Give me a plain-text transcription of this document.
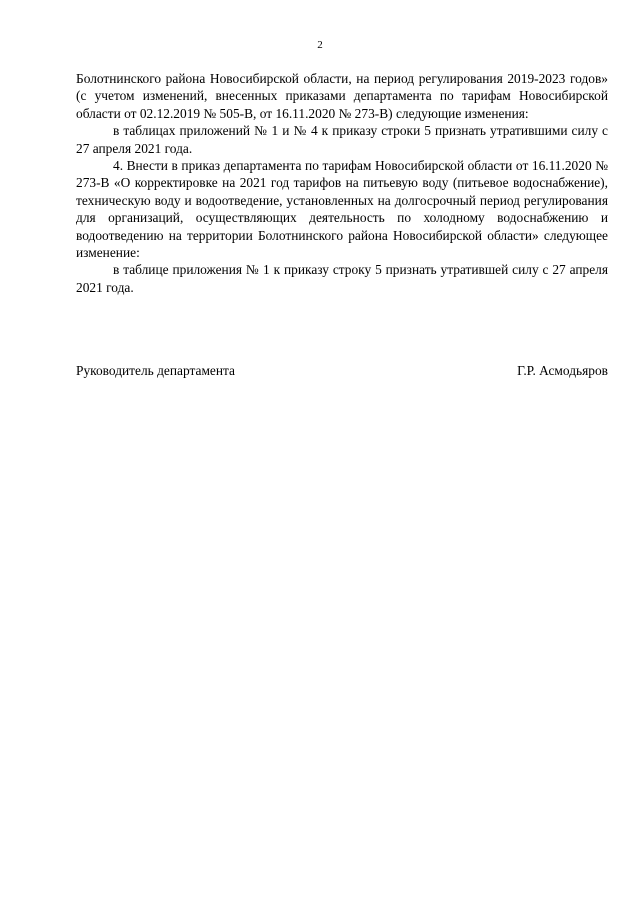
2

Болотнинского района Новосибирской области, на период регулирования 2019-2023 годов» (с учетом изменений, внесенных приказами департамента по тарифам Новосибирской области от 02.12.2019 № 505-В, от 16.11.2020 № 273-В) следующие изменения:

в таблицах приложений № 1 и № 4 к приказу строки 5 признать утратившими силу с 27 апреля 2021 года.

4. Внести в приказ департамента по тарифам Новосибирской области от 16.11.2020 № 273-В «О корректировке на 2021 год тарифов на питьевую воду (питьевое водоснабжение), техническую воду и водоотведение, установленных на долгосрочный период регулирования для организаций, осуществляющих деятельность по холодному водоснабжению и водоотведению на территории Болотнинского района Новосибирской области» следующее изменение:

в таблице приложения № 1 к приказу строку 5 признать утратившей силу с 27 апреля 2021 года.

Руководитель департамента	Г.Р. Асмодьяров
